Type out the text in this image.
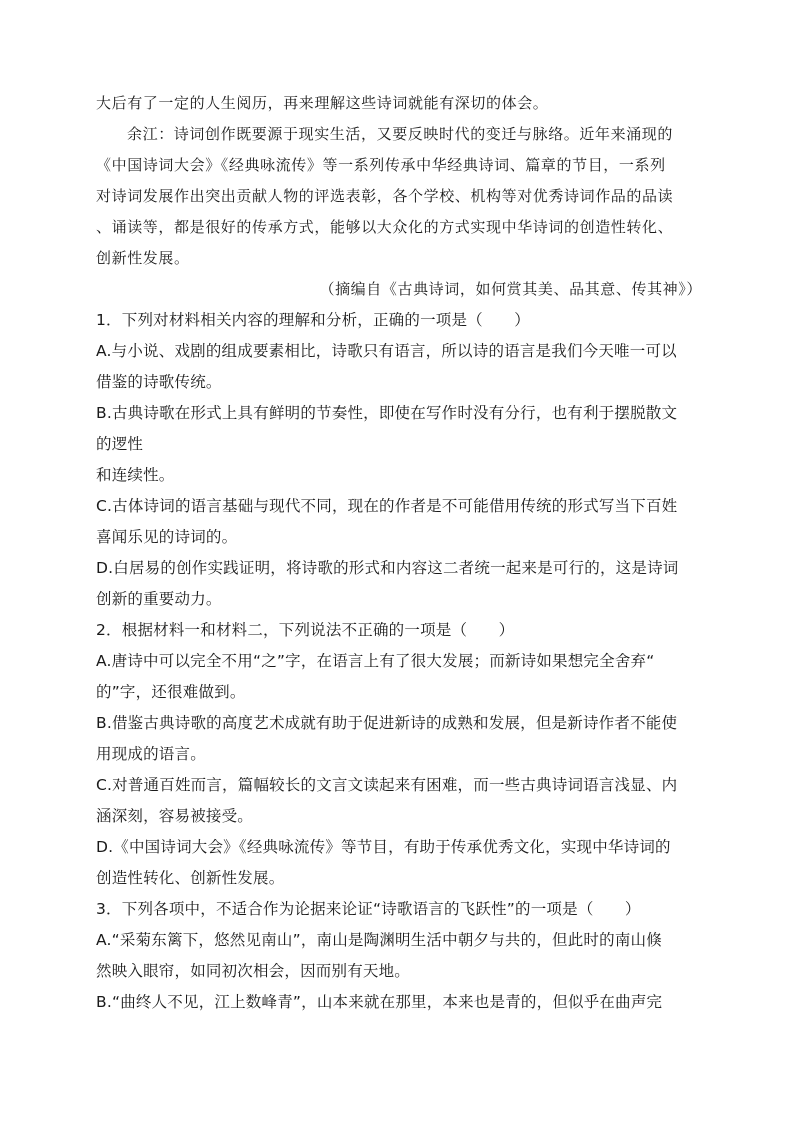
大后有了一定的人生阅历，再来理解这些诗词就能有深切的体会。
余江：诗词创作既要源于现实生活，又要反映时代的变迁与脉络。近年来涌现的
《中国诗词大会》《经典咏流传》等一系列传承中华经典诗词、篇章的节目，一系列
对诗词发展作出突出贡献人物的评选表彰，各个学校、机构等对优秀诗词作品的品读
、诵读等，都是很好的传承方式，能够以大众化的方式实现中华诗词的创造性转化、
创新性发展。
（摘编自《古典诗词，如何赏其美、品其意、传其神》）
1．下列对材料相关内容的理解和分析，正确的一项是（　　）
A.与小说、戏剧的组成要素相比，诗歌只有语言，所以诗的语言是我们今天唯一可以
借鉴的诗歌传统。
B.古典诗歌在形式上具有鲜明的节奏性，即使在写作时没有分行，也有利于摆脱散文
的逻性
和连续性。
C.古体诗词的语言基础与现代不同，现在的作者是不可能借用传统的形式写当下百姓
喜闻乐见的诗词的。
D.白居易的创作实践证明，将诗歌的形式和内容这二者统一起来是可行的，这是诗词
创新的重要动力。
2．根据材料一和材料二，下列说法不正确的一项是（　　）
A.唐诗中可以完全不用“之”字，在语言上有了很大发展；而新诗如果想完全舍弃“
的”字，还很难做到。
B.借鉴古典诗歌的高度艺术成就有助于促进新诗的成熟和发展，但是新诗作者不能使
用现成的语言。
C.对普通百姓而言，篇幅较长的文言文读起来有困难，而一些古典诗词语言浅显、内
涵深刻，容易被接受。
D.《中国诗词大会》《经典咏流传》等节目，有助于传承优秀文化，实现中华诗词的
创造性转化、创新性发展。
3．下列各项中，不适合作为论据来论证“诗歌语言的飞跃性”的一项是（　　）
A.“采菊东篱下，悠然见南山”，南山是陶渊明生活中朝夕与共的，但此时的南山倏
然映入眼帘，如同初次相会，因而别有天地。
B.“曲终人不见，江上数峰青”，山本来就在那里，本来也是青的，但似乎在曲声完
